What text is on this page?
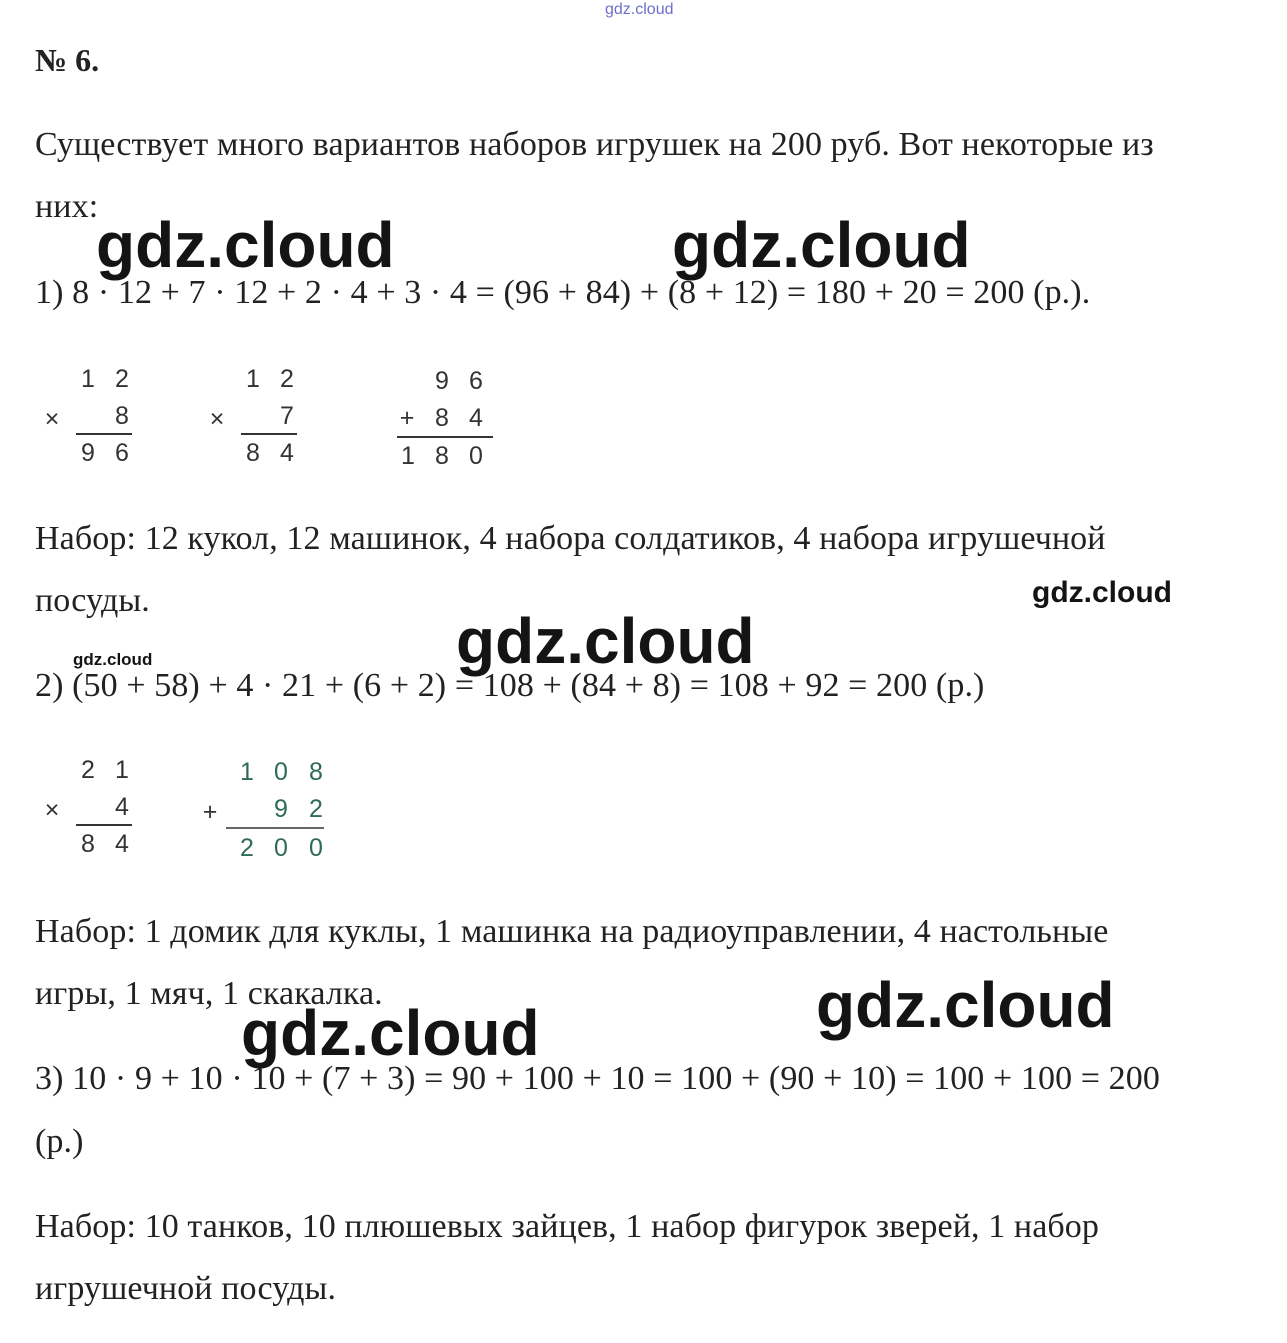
№ 6.
Существует много вариантов наборов игрушек на 200 руб. Вот некоторые из
них:
1) 8 · 12 + 7 · 12 + 2 · 4 + 3 · 4 = (96 + 84) + (8 + 12) = 180 + 20 = 200 (р.).
1 2
× 8
9 6
1 2
× 7
8 4
9 6
+ 8 4
1 8 0
Набор: 12 кукол, 12 машинок, 4 набора солдатиков, 4 набора игрушечной
посуды.
2) (50 + 58) + 4 · 21 + (6 + 2) = 108 + (84 + 8) = 108 + 92 = 200 (р.)
2 1
× 4
8 4
1 0 8
+ 9 2
2 0 0
Набор: 1 домик для куклы, 1 машинка на радиоуправлении, 4 настольные
игры, 1 мяч, 1 скакалка.
3) 10 · 9 + 10 · 10 + (7 + 3) = 90 + 100 + 10 = 100 + (90 + 10) = 100 + 100 = 200
(р.)
Набор: 10 танков, 10 плюшевых зайцев, 1 набор фигурок зверей, 1 набор
игрушечной посуды.
gdz.cloud
gdz.cloud	gdz.cloud
gdz.cloud
gdz.cloud
gdz.cloud
gdz.cloud
gdz.cloud
